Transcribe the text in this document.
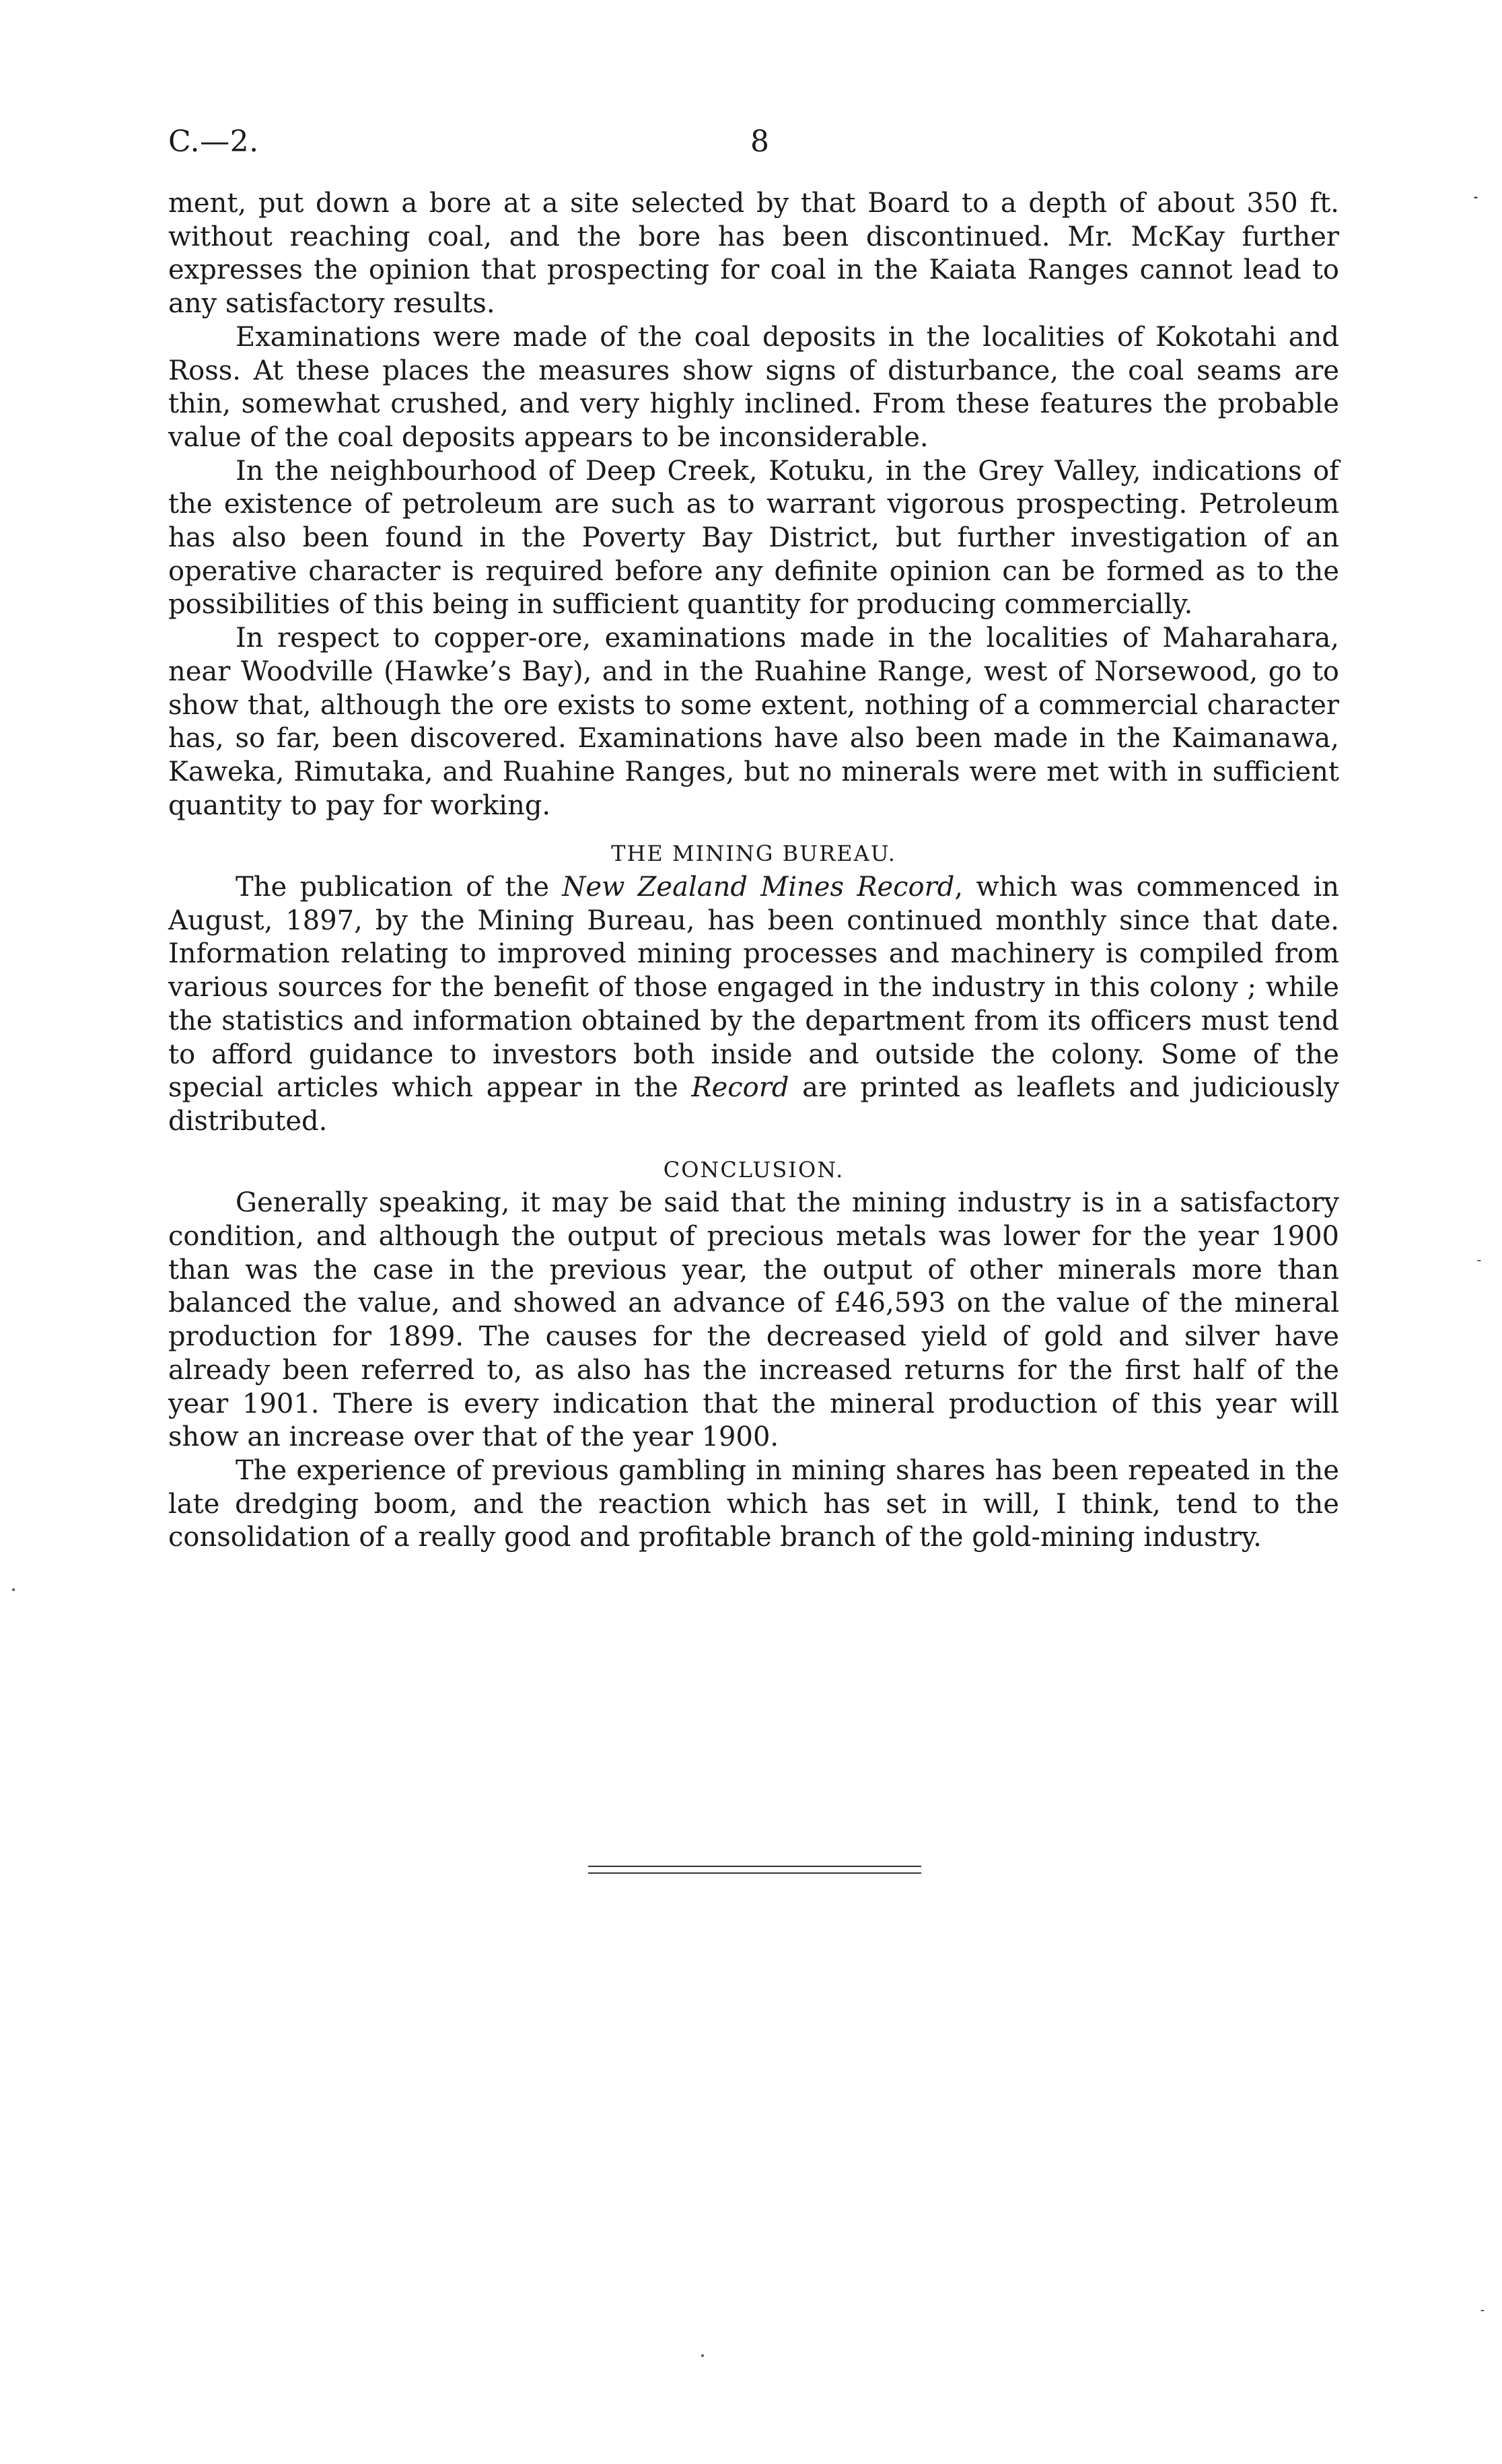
C.—2.	8

ment, put down a bore at a site selected by that Board to a depth of about 350 ft. without reaching coal, and the bore has been discontinued. Mr. McKay further expresses the opinion that prospecting for coal in the Kaiata Ranges cannot lead to any satisfactory results.

Examinations were made of the coal deposits in the localities of Kokotahi and Ross. At these places the measures show signs of disturbance, the coal seams are thin, somewhat crushed, and very highly inclined. From these features the probable value of the coal deposits appears to be inconsiderable.

In the neighbourhood of Deep Creek, Kotuku, in the Grey Valley, indications of the existence of petroleum are such as to warrant vigorous prospecting. Petroleum has also been found in the Poverty Bay District, but further investigation of an operative character is required before any definite opinion can be formed as to the possibilities of this being in sufficient quantity for producing commercially.

In respect to copper-ore, examinations made in the localities of Maharahara, near Woodville (Hawke’s Bay), and in the Ruahine Range, west of Norsewood, go to show that, although the ore exists to some extent, nothing of a commercial character has, so far, been discovered. Examinations have also been made in the Kaimanawa, Kaweka, Rimutaka, and Ruahine Ranges, but no minerals were met with in sufficient quantity to pay for working.

THE MINING BUREAU.

The publication of the New Zealand Mines Record, which was commenced in August, 1897, by the Mining Bureau, has been continued monthly since that date. Information relating to improved mining processes and machinery is compiled from various sources for the benefit of those engaged in the industry in this colony ; while the statistics and information obtained by the department from its officers must tend to afford guidance to investors both inside and outside the colony. Some of the special articles which appear in the Record are printed as leaflets and judiciously distributed.

CONCLUSION.

Generally speaking, it may be said that the mining industry is in a satisfactory condition, and although the output of precious metals was lower for the year 1900 than was the case in the previous year, the output of other minerals more than balanced the value, and showed an advance of £46,593 on the value of the mineral production for 1899. The causes for the decreased yield of gold and silver have already been referred to, as also has the increased returns for the first half of the year 1901. There is every indication that the mineral production of this year will show an increase over that of the year 1900.

The experience of previous gambling in mining shares has been repeated in the late dredging boom, and the reaction which has set in will, I think, tend to the consolidation of a really good and profitable branch of the gold-mining industry.
